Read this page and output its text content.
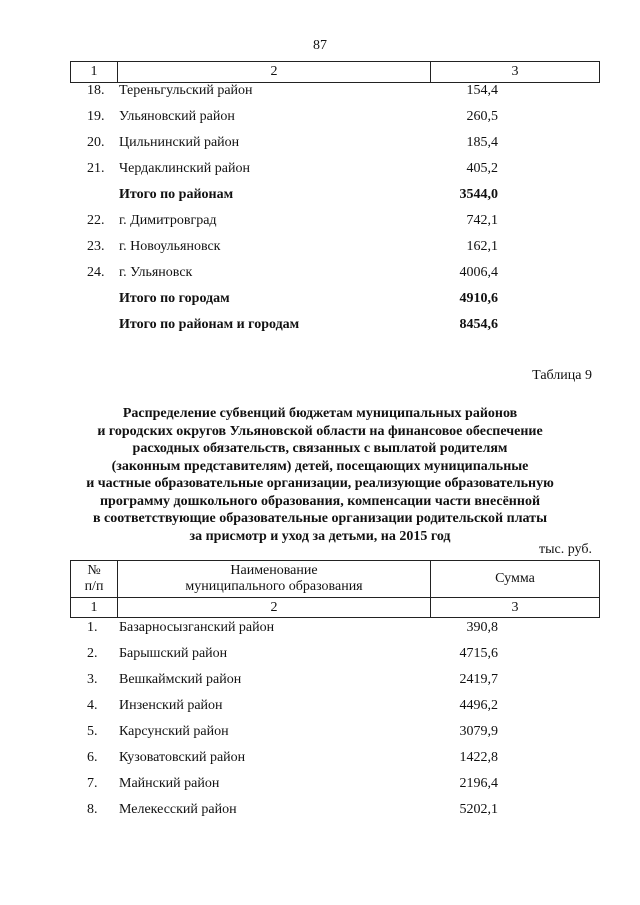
87
1	2	3
18. Тереньгульский район	154,4
19. Ульяновский район	260,5
20. Цильнинский район	185,4
21. Чердаклинский район	405,2
Итого по районам	3544,0
22. г. Димитровград	742,1
23. г. Новоульяновск	162,1
24. г. Ульяновск	4006,4
Итого по городам	4910,6
Итого по районам и городам	8454,6
Таблица 9
Распределение субвенций бюджетам муниципальных районов
и городских округов Ульяновской области на финансовое обеспечение
расходных обязательств, связанных с выплатой родителям
(законным представителям) детей, посещающих муниципальные
и частные образовательные организации, реализующие образовательную
программу дошкольного образования, компенсации части внесённой
в соответствующие образовательные организации родительской платы
за присмотр и уход за детьми, на 2015 год
тыс. руб.
№
п/п
Наименование
муниципального образования
Сумма
1	2	3
1. Базарносызганский район	390,8
2. Барышский район	4715,6
3. Вешкаймский район	2419,7
4. Инзенский район	4496,2
5. Карсунский район	3079,9
6. Кузоватовский район	1422,8
7. Майнский район	2196,4
8. Мелекесский район	5202,1
